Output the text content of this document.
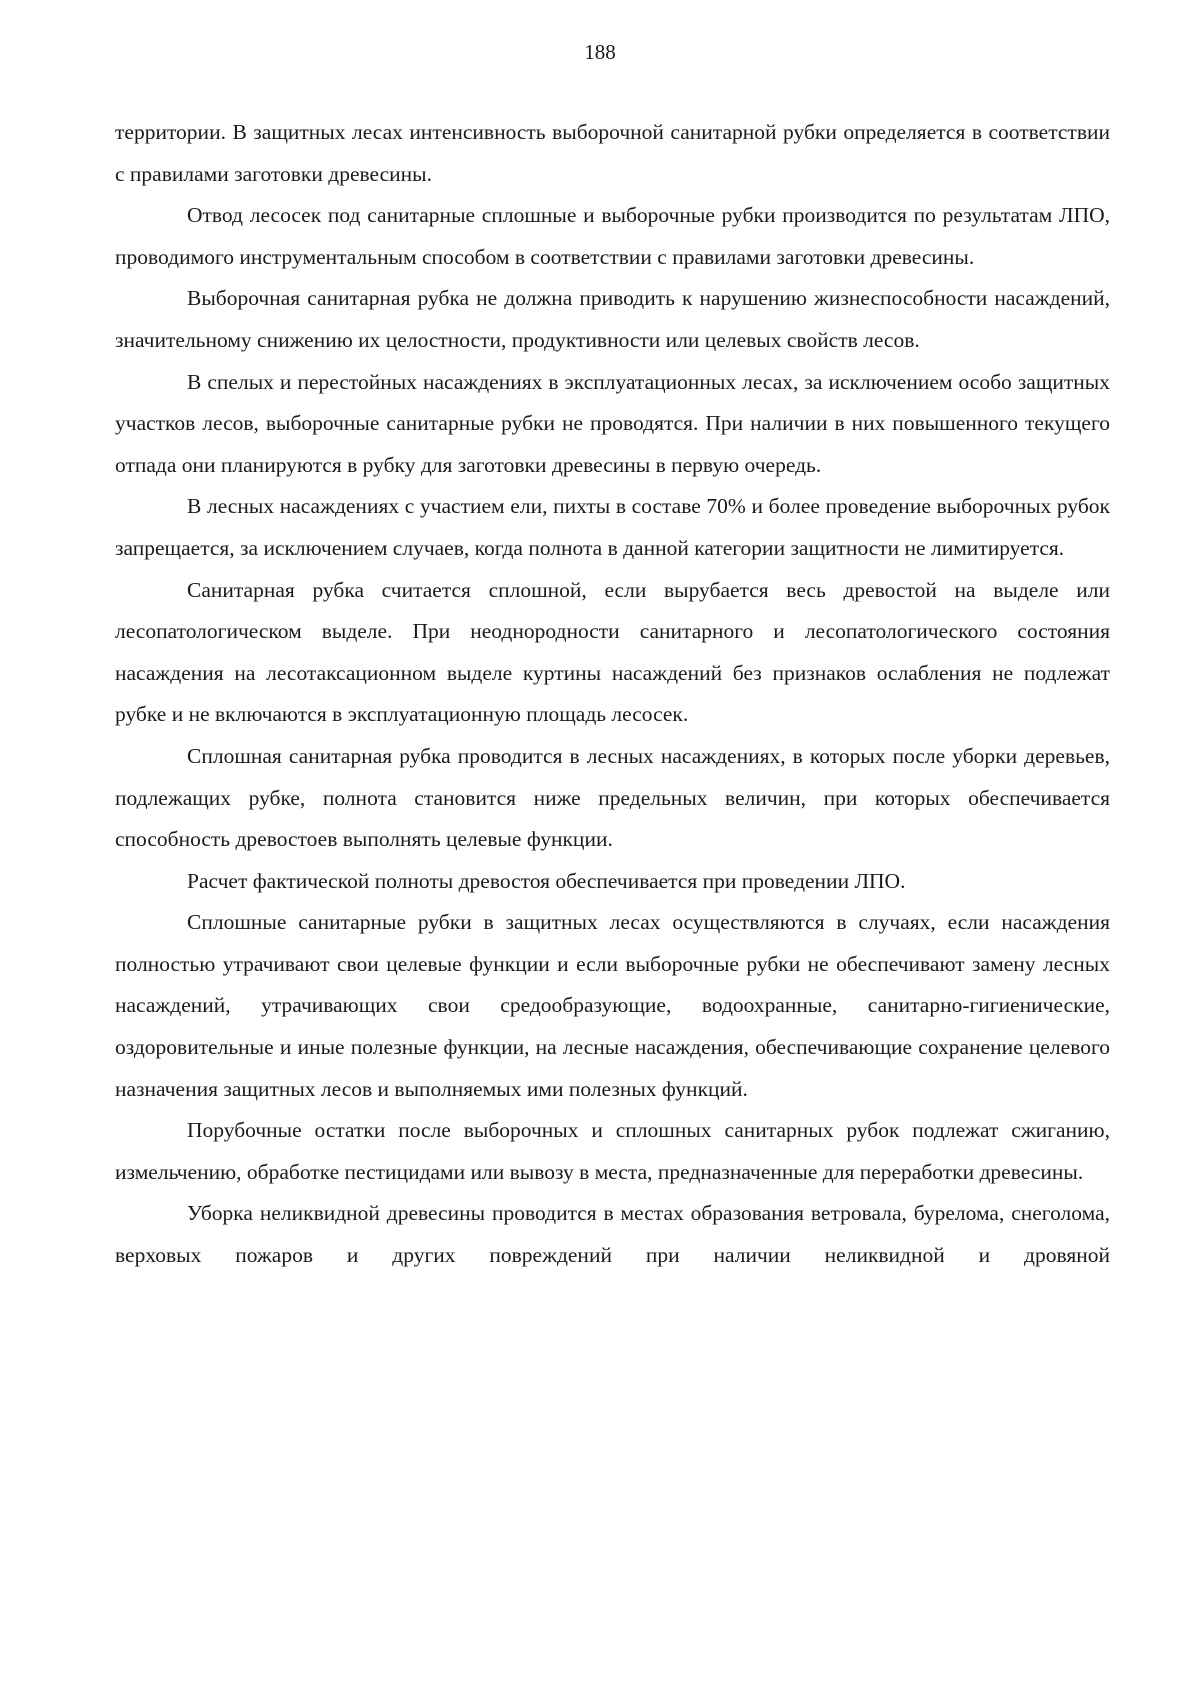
188

территории. В защитных лесах интенсивность выборочной санитарной рубки определяется в соответствии с правилами заготовки древесины.

Отвод лесосек под санитарные сплошные и выборочные рубки производится по результатам ЛПО, проводимого инструментальным способом в соответствии с правилами заготовки древесины.

Выборочная санитарная рубка не должна приводить к нарушению жизнеспособности насаждений, значительному снижению их целостности, продуктивности или целевых свойств лесов.

В спелых и перестойных насаждениях в эксплуатационных лесах, за исключением особо защитных участков лесов, выборочные санитарные рубки не проводятся. При наличии в них повышенного текущего отпада они планируются в рубку для заготовки древесины в первую очередь.

В лесных насаждениях с участием ели, пихты в составе 70% и более проведение выборочных рубок запрещается, за исключением случаев, когда полнота в данной категории защитности не лимитируется.

Санитарная рубка считается сплошной, если вырубается весь древостой на выделе или лесопатологическом выделе. При неоднородности санитарного и лесопатологического состояния насаждения на лесотаксационном выделе куртины насаждений без признаков ослабления не подлежат рубке и не включаются в эксплуатационную площадь лесосек.

Сплошная санитарная рубка проводится в лесных насаждениях, в которых после уборки деревьев, подлежащих рубке, полнота становится ниже предельных величин, при которых обеспечивается способность древостоев выполнять целевые функции.

Расчет фактической полноты древостоя обеспечивается при проведении ЛПО.

Сплошные санитарные рубки в защитных лесах осуществляются в случаях, если насаждения полностью утрачивают свои целевые функции и если выборочные рубки не обеспечивают замену лесных насаждений, утрачивающих свои средообразующие, водоохранные, санитарно-гигиенические, оздоровительные и иные полезные функции, на лесные насаждения, обеспечивающие сохранение целевого назначения защитных лесов и выполняемых ими полезных функций.

Порубочные остатки после выборочных и сплошных санитарных рубок подлежат сжиганию, измельчению, обработке пестицидами или вывозу в места, предназначенные для переработки древесины.

Уборка неликвидной древесины проводится в местах образования ветровала, бурелома, снеголома, верховых пожаров и других повреждений при наличии неликвидной и дровяной
